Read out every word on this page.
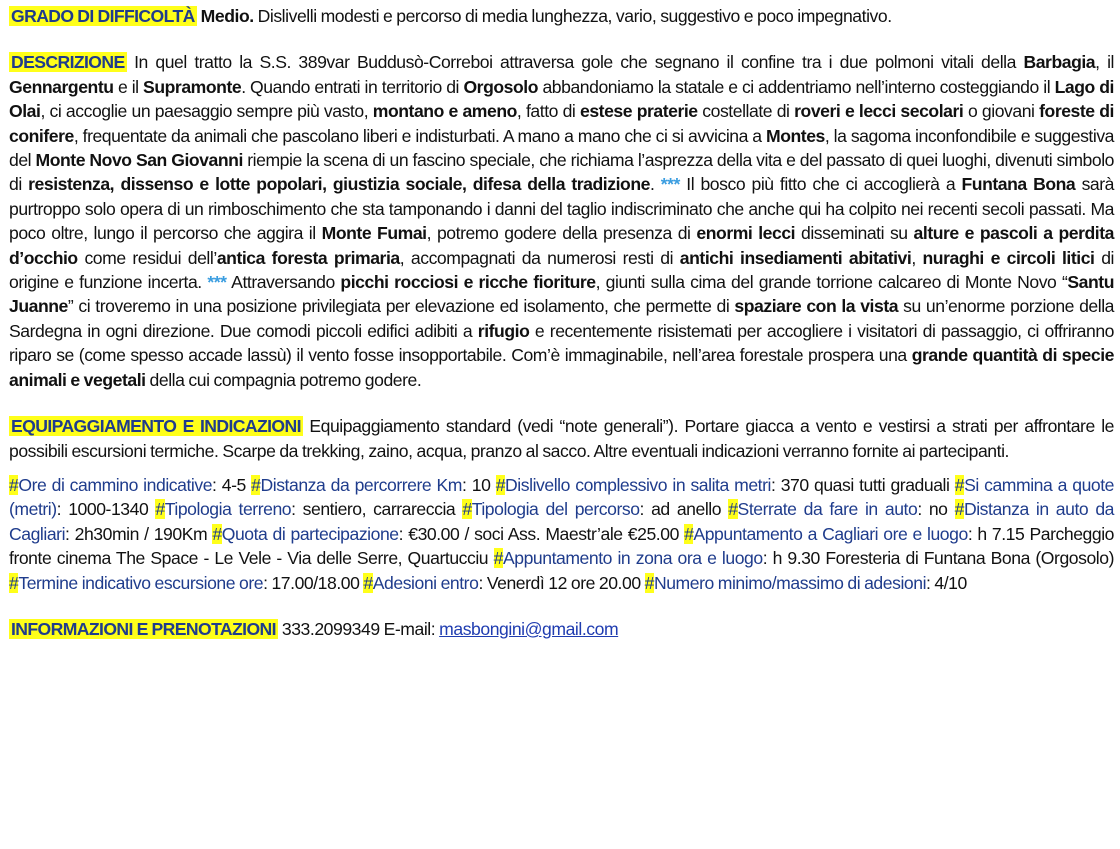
GRADO DI DIFFICOLTÀ Medio. Dislivelli modesti e percorso di media lunghezza, vario, suggestivo e poco impegnativo.

DESCRIZIONE In quel tratto la S.S. 389var Buddusò-Correboi attraversa gole che segnano il confine tra i due polmoni vitali della Barbagia, il Gennargentu e il Supramonte. Quando entrati in territorio di Orgosolo abbandoniamo la statale e ci addentriamo nell’interno costeggiando il Lago di Olai, ci accoglie un paesaggio sempre più vasto, montano e ameno, fatto di estese praterie costellate di roveri e lecci secolari o giovani foreste di conifere, frequentate da animali che pascolano liberi e indisturbati. A mano a mano che ci si avvicina a Montes, la sagoma inconfondibile e suggestiva del Monte Novo San Giovanni riempie la scena di un fascino speciale, che richiama l’asprezza della vita e del passato di quei luoghi, divenuti simbolo di resistenza, dissenso e lotte popolari, giustizia sociale, difesa della tradizione. *** Il bosco più fitto che ci accoglierà a Funtana Bona sarà purtroppo solo opera di un rimboschimento che sta tamponando i danni del taglio indiscriminato che anche qui ha colpito nei recenti secoli passati. Ma poco oltre, lungo il percorso che aggira il Monte Fumai, potremo godere della presenza di enormi lecci disseminati su alture e pascoli a perdita d’occhio come residui dell’antica foresta primaria, accompagnati da numerosi resti di antichi insediamenti abitativi, nuraghi e circoli litici di origine e funzione incerta. *** Attraversando picchi rocciosi e ricche fioriture, giunti sulla cima del grande torrione calcareo di Monte Novo “Santu Juanne” ci troveremo in una posizione privilegiata per elevazione ed isolamento, che permette di spaziare con la vista su un’enorme porzione della Sardegna in ogni direzione. Due comodi piccoli edifici adibiti a rifugio e recentemente risistemati per accogliere i visitatori di passaggio, ci offriranno riparo se (come spesso accade lassù) il vento fosse insopportabile. Com’è immaginabile, nell’area forestale prospera una grande quantità di specie animali e vegetali della cui compagnia potremo godere.

EQUIPAGGIAMENTO E INDICAZIONI Equipaggiamento standard (vedi “note generali”). Portare giacca a vento e vestirsi a strati per affrontare le possibili escursioni termiche. Scarpe da trekking, zaino, acqua, pranzo al sacco. Altre eventuali indicazioni verranno fornite ai partecipanti.

#Ore di cammino indicative: 4-5 #Distanza da percorrere Km: 10 #Dislivello complessivo in salita metri: 370 quasi tutti graduali #Si cammina a quote (metri): 1000-1340 #Tipologia terreno: sentiero, carrareccia #Tipologia del percorso: ad anello #Sterrate da fare in auto: no #Distanza in auto da Cagliari: 2h30min / 190Km #Quota di partecipazione: €30.00 / soci Ass. Maestr’ale €25.00 #Appuntamento a Cagliari ore e luogo: h 7.15 Parcheggio fronte cinema The Space - Le Vele - Via delle Serre, Quartucciu #Appuntamento in zona ora e luogo: h 9.30 Foresteria di Funtana Bona (Orgosolo) #Termine indicativo escursione ore: 17.00/18.00 #Adesioni entro: Venerdì 12 ore 20.00 #Numero minimo/massimo di adesioni: 4/10

INFORMAZIONI E PRENOTAZIONI 333.2099349 E-mail: masbongini@gmail.com
